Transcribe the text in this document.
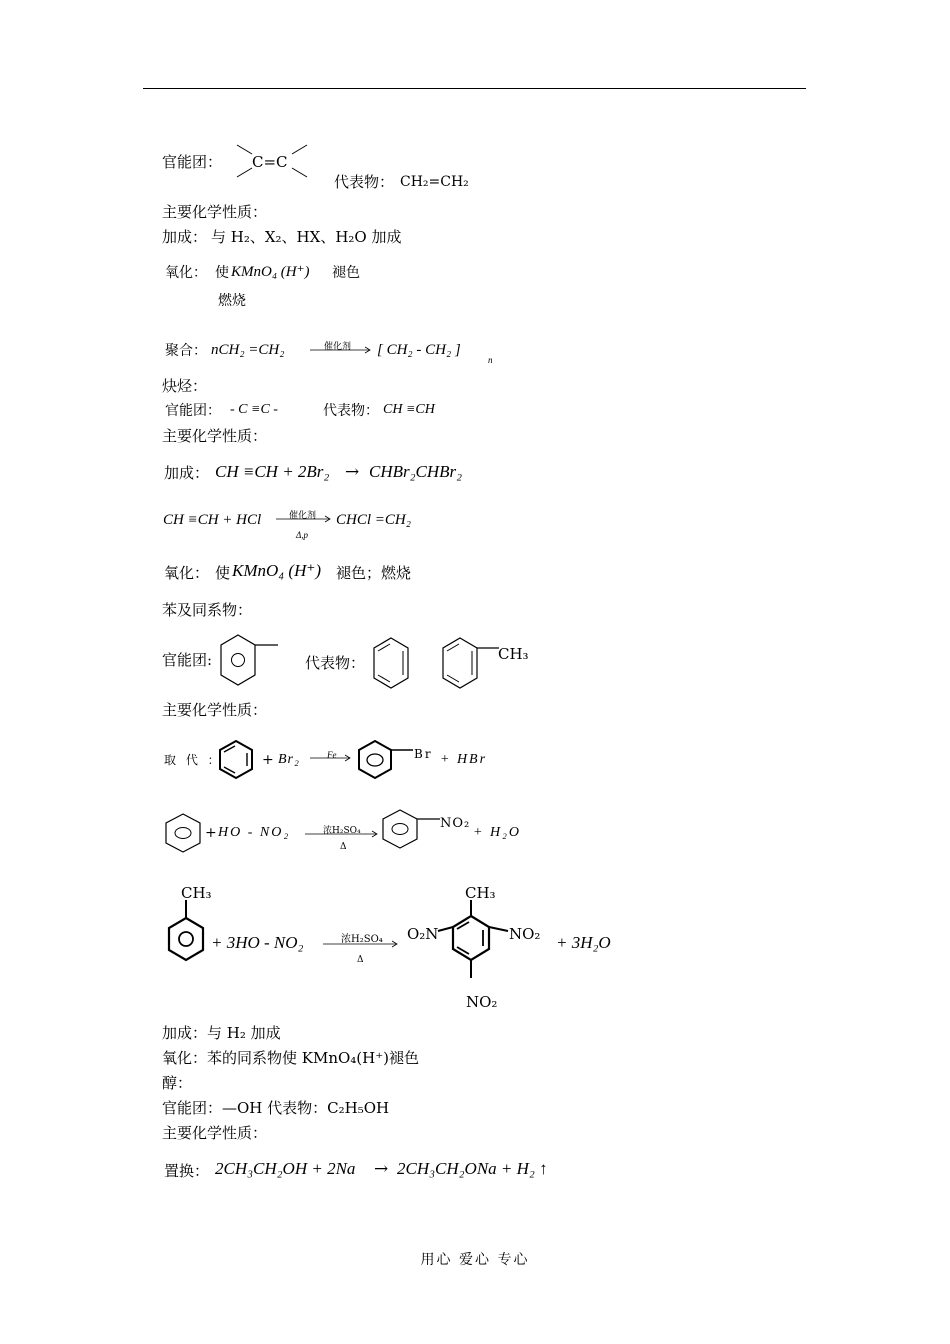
官能团： C=C
代表物： CH₂=CH₂
主要化学性质：
加成： 与 H₂、X₂、HX、H₂O 加成
氧化： 使 KMnO₄ (H⁺) 褪色
燃烧
聚合： nCH₂ =CH₂	催化剂 [ CH₂ - CH₂ ]
n
炔烃：
官能团： - C ≡C -	代表物： CH ≡CH
主要化学性质：
加成： CH ≡CH + 2Br₂ → CHBr₂CHBr₂
CH ≡CH + HCl	催化剂
Δ,p
CHCl =CH₂
氧化： 使 KMnO₄ (H⁺) 褪色；燃烧
苯及同系物：
官能团:	代表物：	CH₃
主要化学性质：
取 代 ：	+ Br₂	Fe	Br + HBr
+ HO - NO₂	浓H₂SO₄
Δ
NO₂
+ H₂O
CH₃
+ 3HO - NO₂	浓H₂SO₄
Δ
CH₃
O₂N	NO₂
NO₂
+ 3H₂O
加成：与 H₂ 加成
氧化：苯的同系物使 KMnO₄(H⁺)褪色
醇：
官能团：—OH 代表物：C₂H₅OH
主要化学性质：
置换： 2CH₃CH₂OH + 2Na → 2CH₃CH₂ONa + H₂ ↑
用心 爱心 专心
